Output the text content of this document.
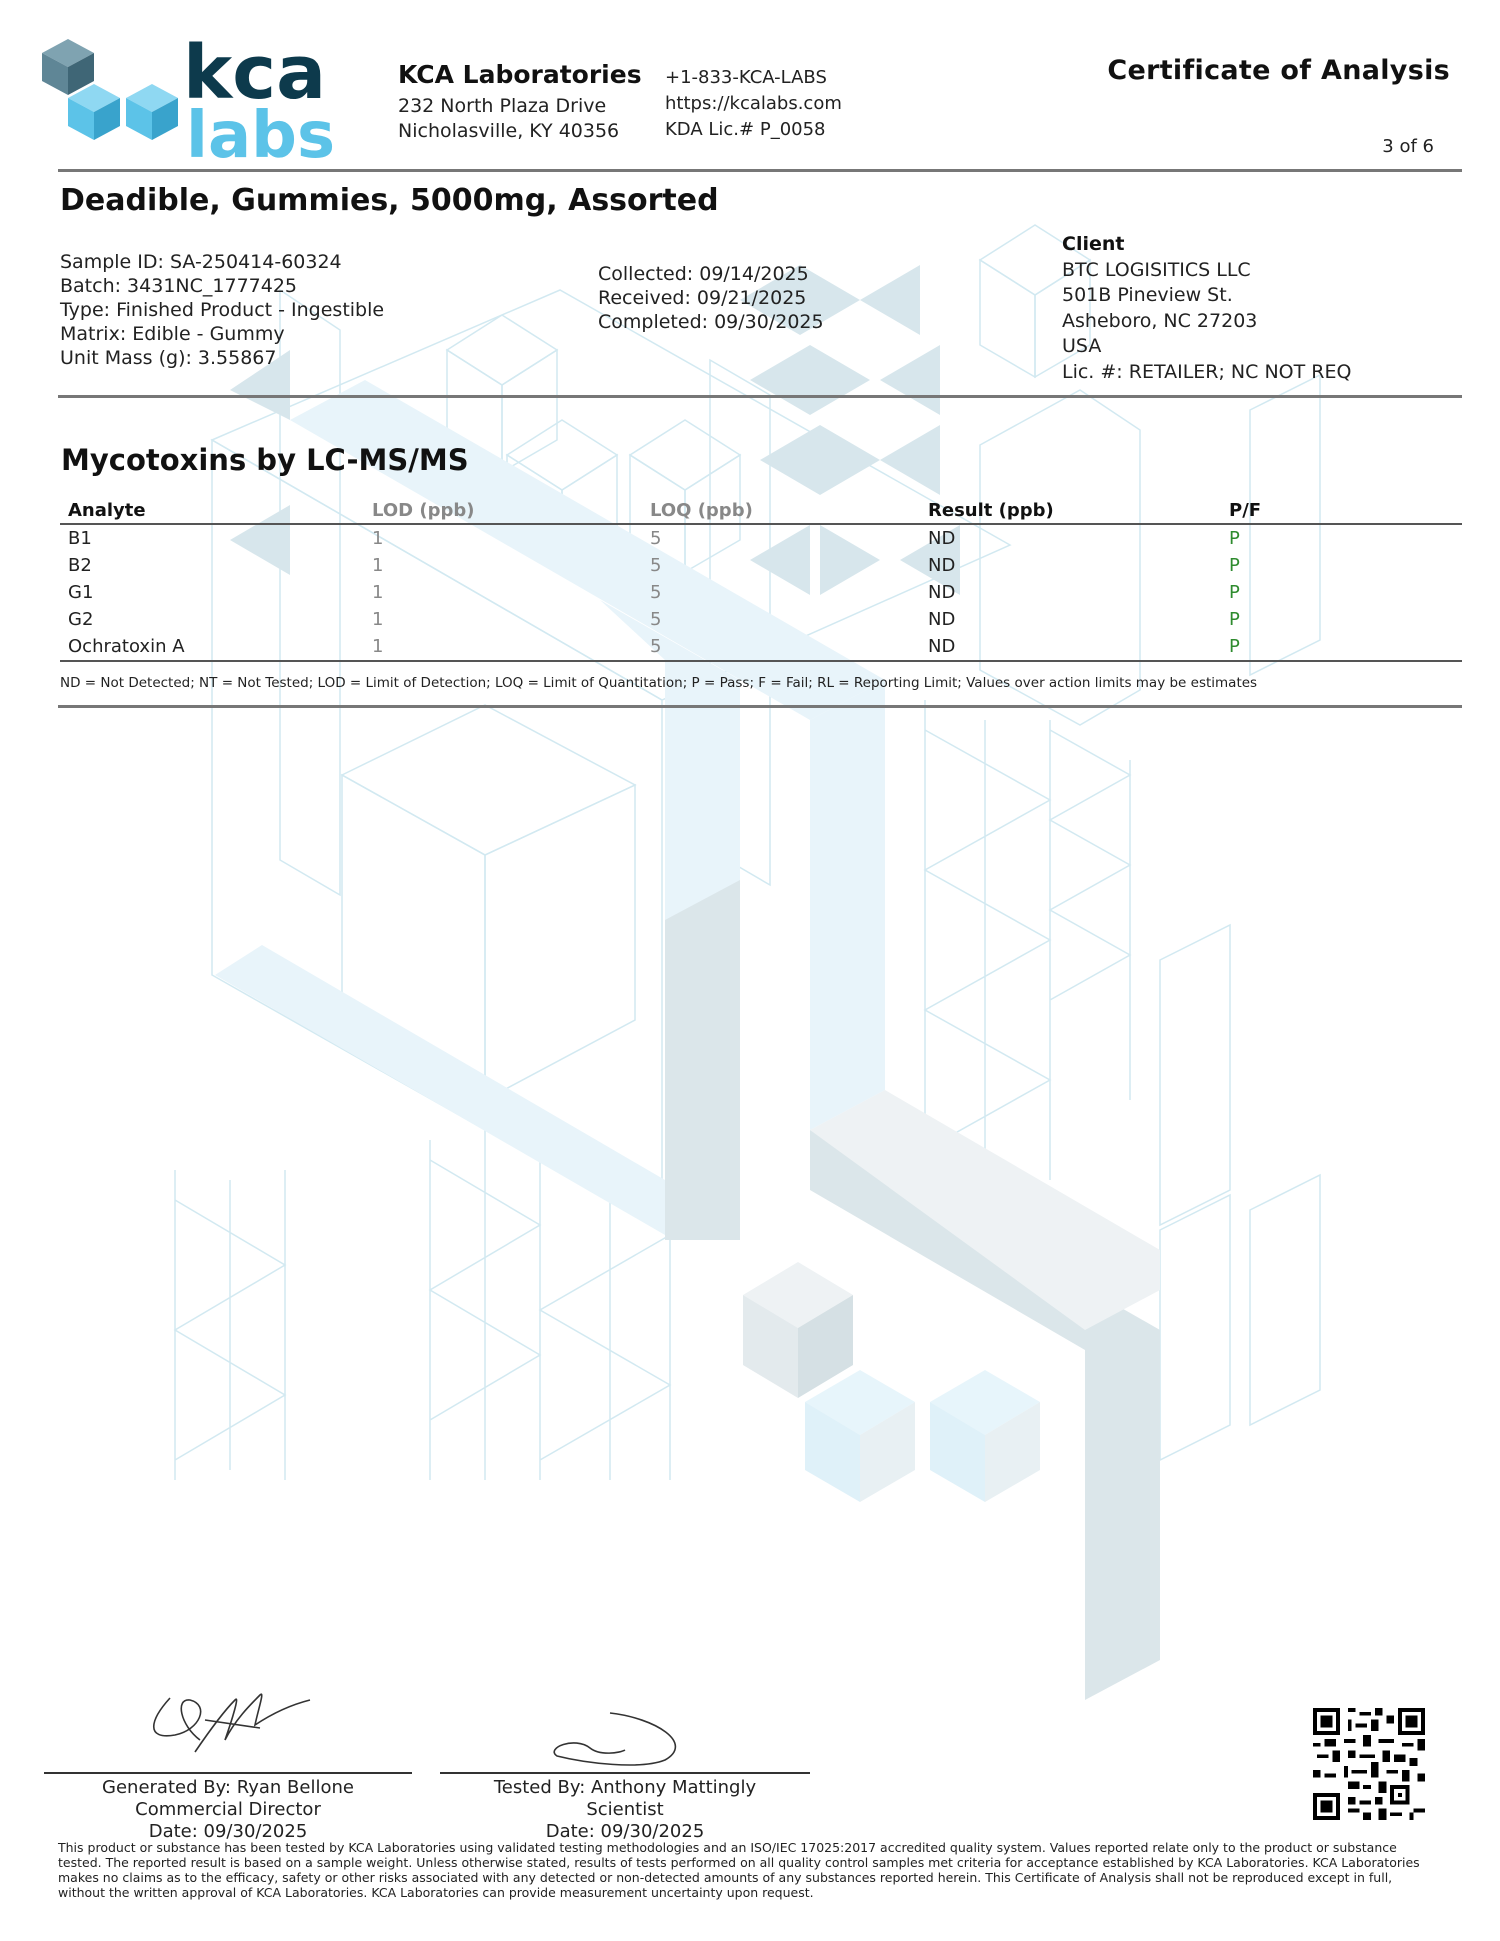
kca
labs
KCA Laboratories
232 North Plaza Drive
Nicholasville, KY 40356
+1-833-KCA-LABS
https://kcalabs.com
KDA Lic.# P_0058
Certificate of Analysis
3 of 6
Deadible, Gummies, 5000mg, Assorted
Sample ID: SA-250414-60324
Batch: 3431NC_1777425
Type: Finished Product - Ingestible
Matrix: Edible - Gummy
Unit Mass (g): 3.55867
Collected: 09/14/2025
Received: 09/21/2025
Completed: 09/30/2025
Client
BTC LOGISITICS LLC
501B Pineview St.
Asheboro, NC 27203
USA
Lic. #: RETAILER; NC NOT REQ
Mycotoxins by LC-MS/MS
Analyte	LOD (ppb)	LOQ (ppb)	Result (ppb)	P/F
B1	1	5	ND	P
B2	1	5	ND	P
G1	1	5	ND	P
G2	1	5	ND	P
Ochratoxin A	1	5	ND	P
ND = Not Detected; NT = Not Tested; LOD = Limit of Detection; LOQ = Limit of Quantitation; P = Pass; F = Fail; RL = Reporting Limit; Values over action limits may be estimates
Generated By: Ryan Bellone
Commercial Director
Date: 09/30/2025
Tested By: Anthony Mattingly
Scientist
Date: 09/30/2025
This product or substance has been tested by KCA Laboratories using validated testing methodologies and an ISO/IEC 17025:2017 accredited quality system. Values reported relate only to the product or substance tested. The reported result is based on a sample weight. Unless otherwise stated, results of tests performed on all quality control samples met criteria for acceptance established by KCA Laboratories. KCA Laboratories makes no claims as to the efficacy, safety or other risks associated with any detected or non-detected amounts of any substances reported herein. This Certificate of Analysis shall not be reproduced except in full, without the written approval of KCA Laboratories. KCA Laboratories can provide measurement uncertainty upon request.
